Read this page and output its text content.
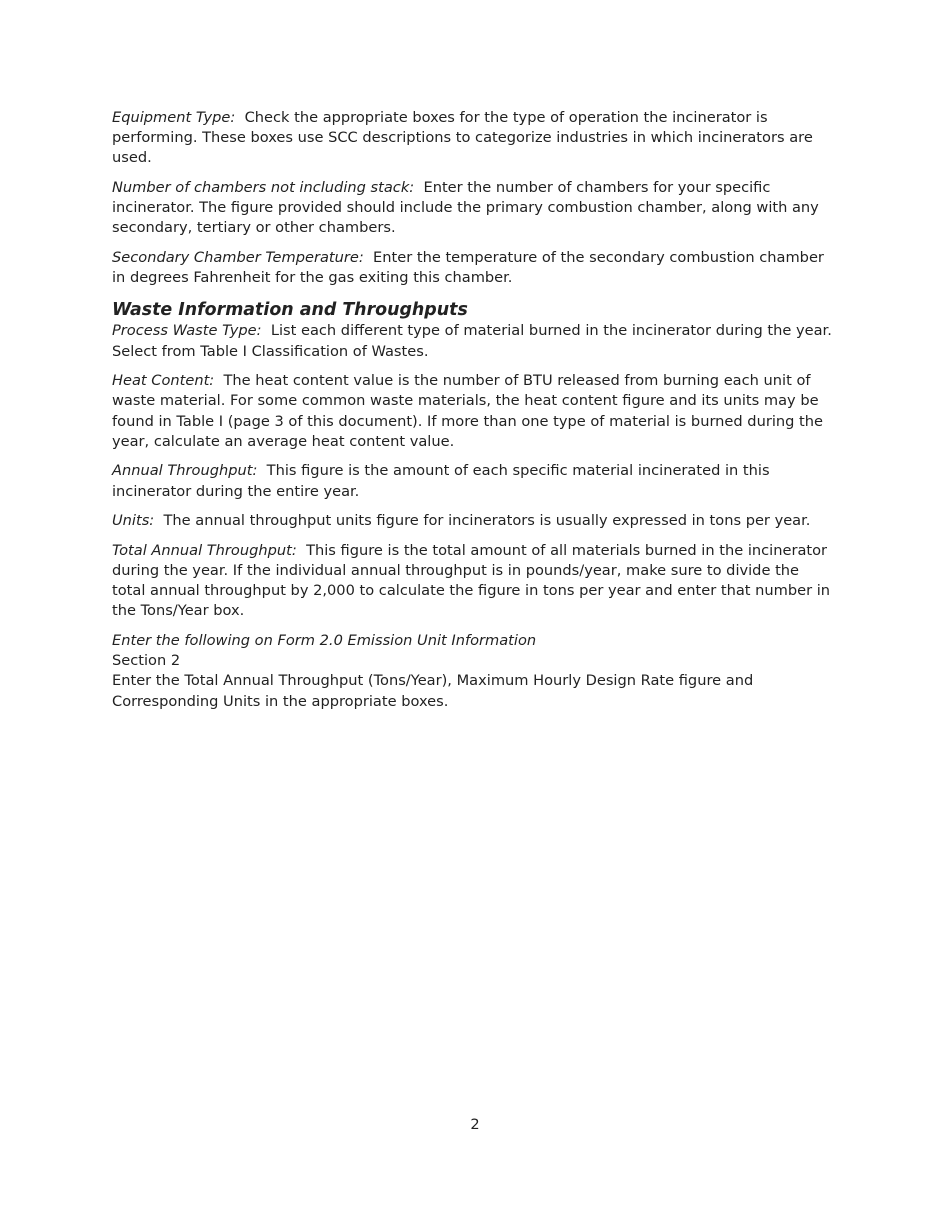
Equipment Type: Check the appropriate boxes for the type of operation the incinerator is performing. These boxes use SCC descriptions to categorize industries in which incinerators are used.

Number of chambers not including stack: Enter the number of chambers for your specific incinerator. The figure provided should include the primary combustion chamber, along with any secondary, tertiary or other chambers.

Secondary Chamber Temperature: Enter the temperature of the secondary combustion chamber in degrees Fahrenheit for the gas exiting this chamber.

Waste Information and Throughputs

Process Waste Type: List each different type of material burned in the incinerator during the year. Select from Table I Classification of Wastes.

Heat Content: The heat content value is the number of BTU released from burning each unit of waste material. For some common waste materials, the heat content figure and its units may be found in Table I (page 3 of this document). If more than one type of material is burned during the year, calculate an average heat content value.

Annual Throughput: This figure is the amount of each specific material incinerated in this incinerator during the entire year.

Units: The annual throughput units figure for incinerators is usually expressed in tons per year.

Total Annual Throughput: This figure is the total amount of all materials burned in the incinerator during the year. If the individual annual throughput is in pounds/year, make sure to divide the total annual throughput by 2,000 to calculate the figure in tons per year and enter that number in the Tons/Year box.

Enter the following on Form 2.0 Emission Unit Information

Section 2

Enter the Total Annual Throughput (Tons/Year), Maximum Hourly Design Rate figure and Corresponding Units in the appropriate boxes.

2
